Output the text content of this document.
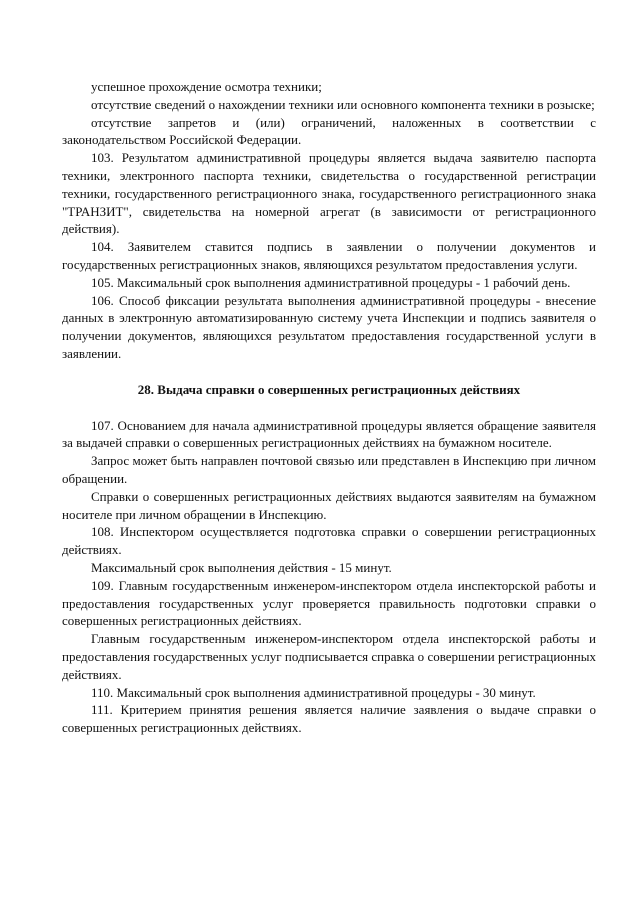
успешное прохождение осмотра техники;

отсутствие сведений о нахождении техники или основного компонента техники в розыске;

отсутствие запретов и (или) ограничений, наложенных в соответствии с законодательством Российской Федерации.

103. Результатом административной процедуры является выдача заявителю паспорта техники, электронного паспорта техники, свидетельства о государственной регистрации техники, государственного регистрационного знака, государственного регистрационного знака "ТРАНЗИТ", свидетельства на номерной агрегат (в зависимости от регистрационного действия).

104. Заявителем ставится подпись в заявлении о получении документов и государственных регистрационных знаков, являющихся результатом предоставления услуги.

105. Максимальный срок выполнения административной процедуры - 1 рабочий день.

106. Способ фиксации результата выполнения административной процедуры - внесение данных в электронную автоматизированную систему учета Инспекции и подпись заявителя о получении документов, являющихся результатом предоставления государственной услуги в заявлении.

28. Выдача справки о совершенных регистрационных действиях

107. Основанием для начала административной процедуры является обращение заявителя за выдачей справки о совершенных регистрационных действиях на бумажном носителе.

Запрос может быть направлен почтовой связью или представлен в Инспекцию при личном обращении.

Справки о совершенных регистрационных действиях выдаются заявителям на бумажном носителе при личном обращении в Инспекцию.

108. Инспектором осуществляется подготовка справки о совершении регистрационных действиях.

Максимальный срок выполнения действия - 15 минут.

109. Главным государственным инженером-инспектором отдела инспекторской работы и предоставления государственных услуг проверяется правильность подготовки справки о совершенных регистрационных действиях.

Главным государственным инженером-инспектором отдела инспекторской работы и предоставления государственных услуг подписывается справка о совершении регистрационных действиях.

110. Максимальный срок выполнения административной процедуры - 30 минут.

111. Критерием принятия решения является наличие заявления о выдаче справки о совершенных регистрационных действиях.
